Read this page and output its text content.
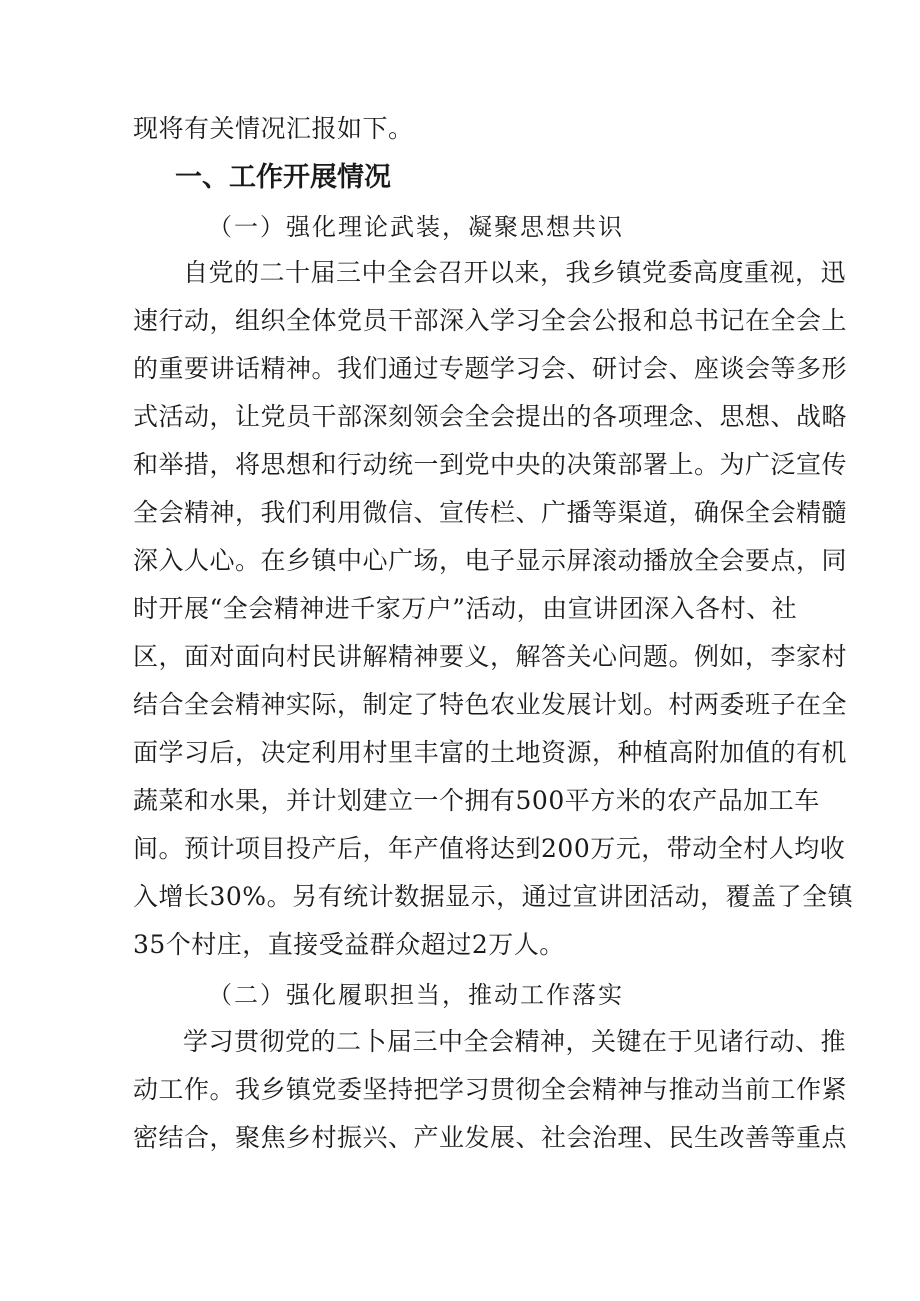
现将有关情况汇报如下。
一、工作开展情况
（一）强化理论武装，凝聚思想共识
自党的二十届三中全会召开以来，我乡镇党委高度重视，迅
速行动，组织全体党员干部深入学习全会公报和总书记在全会上
的重要讲话精神。我们通过专题学习会、研讨会、座谈会等多形
式活动，让党员干部深刻领会全会提出的各项理念、思想、战略
和举措，将思想和行动统一到党中央的决策部署上。为广泛宣传
全会精神，我们利用微信、宣传栏、广播等渠道，确保全会精髓
深入人心。在乡镇中心广场，电子显示屏滚动播放全会要点，同
时开展“全会精神进千家万户”活动，由宣讲团深入各村、社
区，面对面向村民讲解精神要义，解答关心问题。例如，李家村
结合全会精神实际，制定了特色农业发展计划。村两委班子在全
面学习后，决定利用村里丰富的土地资源，种植高附加值的有机
蔬菜和水果，并计划建立一个拥有500平方米的农产品加工车
间。预计项目投产后，年产值将达到200万元，带动全村人均收
入增长30%。另有统计数据显示，通过宣讲团活动，覆盖了全镇
35个村庄，直接受益群众超过2万人。
（二）强化履职担当，推动工作落实
学习贯彻党的二卜届三中全会精神，关键在于见诸行动、推
动工作。我乡镇党委坚持把学习贯彻全会精神与推动当前工作紧
密结合，聚焦乡村振兴、产业发展、社会治理、民生改善等重点
